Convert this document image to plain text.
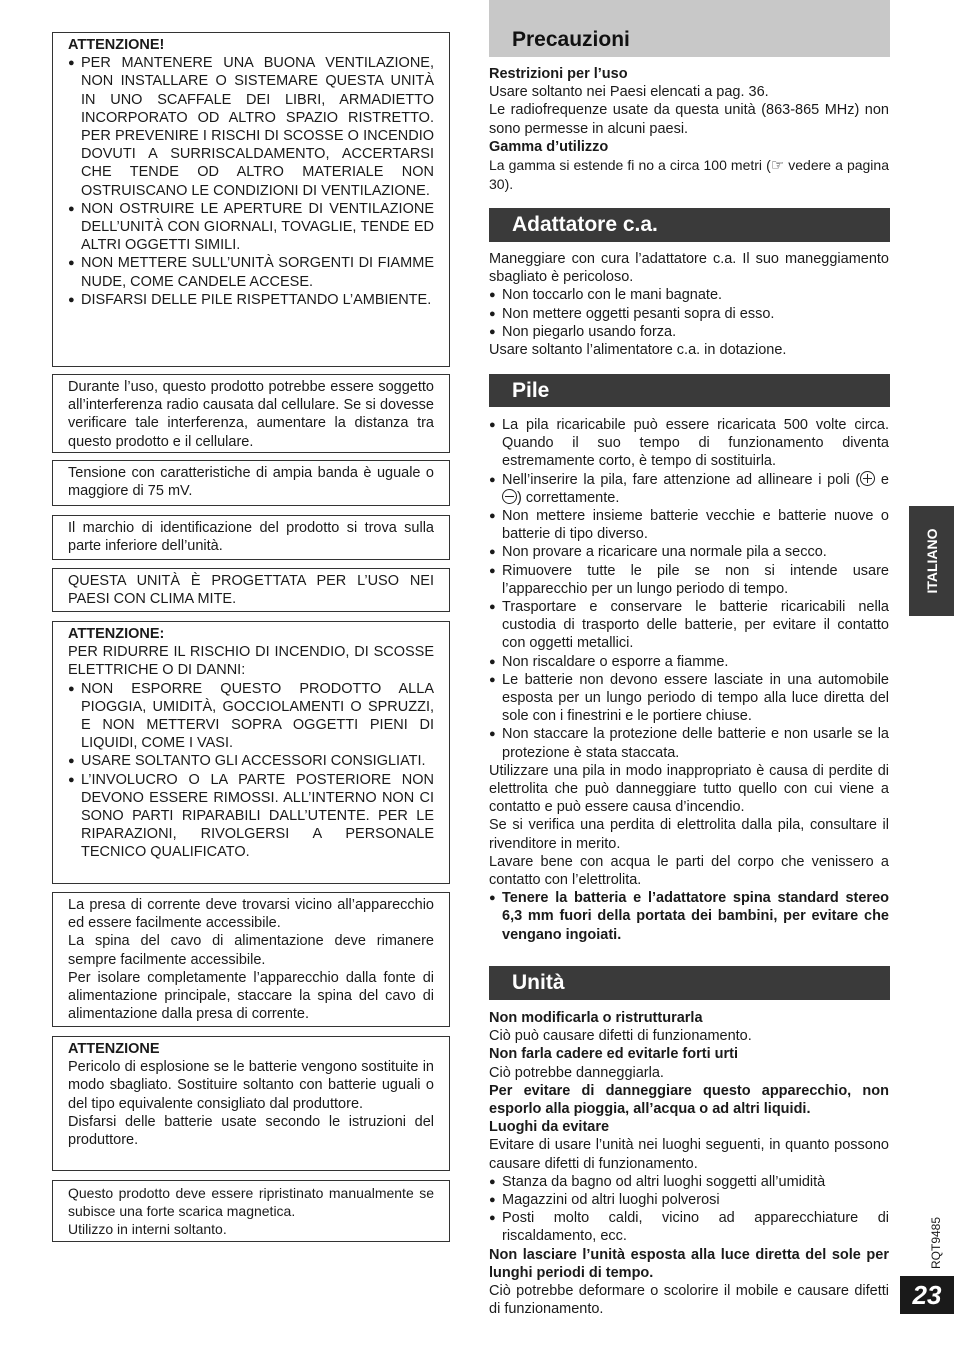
ATTENZIONE!

● PER MANTENERE UNA BUONA VENTILAZIONE, NON INSTALLARE O SISTEMARE QUESTA UNITÀ IN UNO SCAFFALE DEI LIBRI, ARMADIETTO INCORPORATO OD ALTRO SPAZIO RISTRETTO. PER PREVENIRE I RISCHI DI SCOSSE O INCENDIO DOVUTI A SURRISCALDAMENTO, ACCERTARSI CHE TENDE OD ALTRO MATERIALE NON OSTRUISCANO LE CONDIZIONI DI VENTILAZIONE.

● NON OSTRUIRE LE APERTURE DI VENTILAZIONE DELL’UNITÀ CON GIORNALI, TOVAGLIE, TENDE ED ALTRI OGGETTI SIMILI.

● NON METTERE SULL’UNITÀ SORGENTI DI FIAMME NUDE, COME CANDELE ACCESE.

● DISFARSI DELLE PILE RISPETTANDO L’AMBIENTE.

Durante l’uso, questo prodotto potrebbe essere soggetto all’interferenza radio causata dal cellulare. Se si dovesse verificare tale interferenza, aumentare la distanza tra questo prodotto e il cellulare.

Tensione con caratteristiche di ampia banda è uguale o maggiore di 75 mV.

Il marchio di identificazione del prodotto si trova sulla parte inferiore dell’unità.

QUESTA UNITÀ È PROGETTATA PER L’USO NEI PAESI CON CLIMA MITE.

ATTENZIONE:

PER RIDURRE IL RISCHIO DI INCENDIO, DI SCOSSE ELETTRICHE O DI DANNI:

● NON ESPORRE QUESTO PRODOTTO ALLA PIOGGIA, UMIDITÀ, GOCCIOLAMENTI O SPRUZZI, E NON METTERVI SOPRA OGGETTI PIENI DI LIQUIDI, COME I VASI.

● USARE SOLTANTO GLI ACCESSORI CONSIGLIATI.

● L’INVOLUCRO O LA PARTE POSTERIORE NON DEVONO ESSERE RIMOSSI. ALL’INTERNO NON CI SONO PARTI RIPARABILI DALL’UTENTE. PER LE RIPARAZIONI, RIVOLGERSI A PERSONALE TECNICO QUALIFICATO.

La presa di corrente deve trovarsi vicino all’apparecchio ed essere facilmente accessibile.

La spina del cavo di alimentazione deve rimanere sempre facilmente accessibile.

Per isolare completamente l’apparecchio dalla fonte di alimentazione principale, staccare la spina del cavo di alimentazione dalla presa di corrente.

ATTENZIONE

Pericolo di esplosione se le batterie vengono sostituite in modo sbagliato. Sostituire soltanto con batterie uguali o del tipo equivalente consigliato dal produttore.

Disfarsi delle batterie usate secondo le istruzioni del produttore.

Questo prodotto deve essere ripristinato manualmente se subisce una forte scarica magnetica.

Utilizzo in interni soltanto.

Precauzioni

Restrizioni per l’uso

Usare soltanto nei Paesi elencati a pag. 36.

Le radiofrequenze usate da questa unità (863-865 MHz) non sono permesse in alcuni paesi.

Gamma d’utilizzo

La gamma si estende fi no a circa 100 metri (☞ vedere a pagina 30).

Adattatore c.a.

Maneggiare con cura l’adattatore c.a. Il suo maneggiamento sbagliato è pericoloso.

● Non toccarlo con le mani bagnate.

● Non mettere oggetti pesanti sopra di esso.

● Non piegarlo usando forza.

Usare soltanto l’alimentatore c.a. in dotazione.

Pile

● La pila ricaricabile può essere ricaricata 500 volte circa. Quando il suo tempo di funzionamento diventa estremamente corto, è tempo di sostituirla.

● Nell’inserire la pila, fare attenzione ad allineare i poli ( e ) correttamente.

● Non mettere insieme batterie vecchie e batterie nuove o batterie di tipo diverso.

● Non provare a ricaricare una normale pila a secco.

● Rimuovere tutte le pile se non si intende usare l’apparecchio per un lungo periodo di tempo.

● Trasportare e conservare le batterie ricaricabili nella custodia di trasporto delle batterie, per evitare il contatto con oggetti metallici.

● Non riscaldare o esporre a fiamme.

● Le batterie non devono essere lasciate in una automobile esposta per un lungo periodo di tempo alla luce diretta del sole con i finestrini e le portiere chiuse.

● Non staccare la protezione delle batterie e non usarle se la protezione è stata staccata.

Utilizzare una pila in modo inappropriato è causa di perdite di elettrolita che può danneggiare tutto quello con cui viene a contatto e può essere causa d’incendio.

Se si verifica una perdita di elettrolita dalla pila, consultare il rivenditore in merito.

Lavare bene con acqua le parti del corpo che venissero a contatto con l’elettrolita.

● Tenere la batteria e l’adattatore spina standard stereo 6,3 mm fuori della portata dei bambini, per evitare che vengano ingoiati.

Unità

Non modificarla o ristrutturarla

Ciò può causare difetti di funzionamento.

Non farla cadere ed evitarle forti urti

Ciò potrebbe danneggiarla.

Per evitare di danneggiare questo apparecchio, non esporlo alla pioggia, all’acqua o ad altri liquidi.

Luoghi da evitare

Evitare di usare l’unità nei luoghi seguenti, in quanto possono causare difetti di funzionamento.

● Stanza da bagno od altri luoghi soggetti all’umidità

● Magazzini od altri luoghi polverosi

● Posti molto caldi, vicino ad apparecchiature di riscaldamento, ecc.

Non lasciare l’unità esposta alla luce diretta del sole per lunghi periodi di tempo.

Ciò potrebbe deformare o scolorire il mobile e causare difetti di funzionamento.

ITALIANO
RQT9485
23
